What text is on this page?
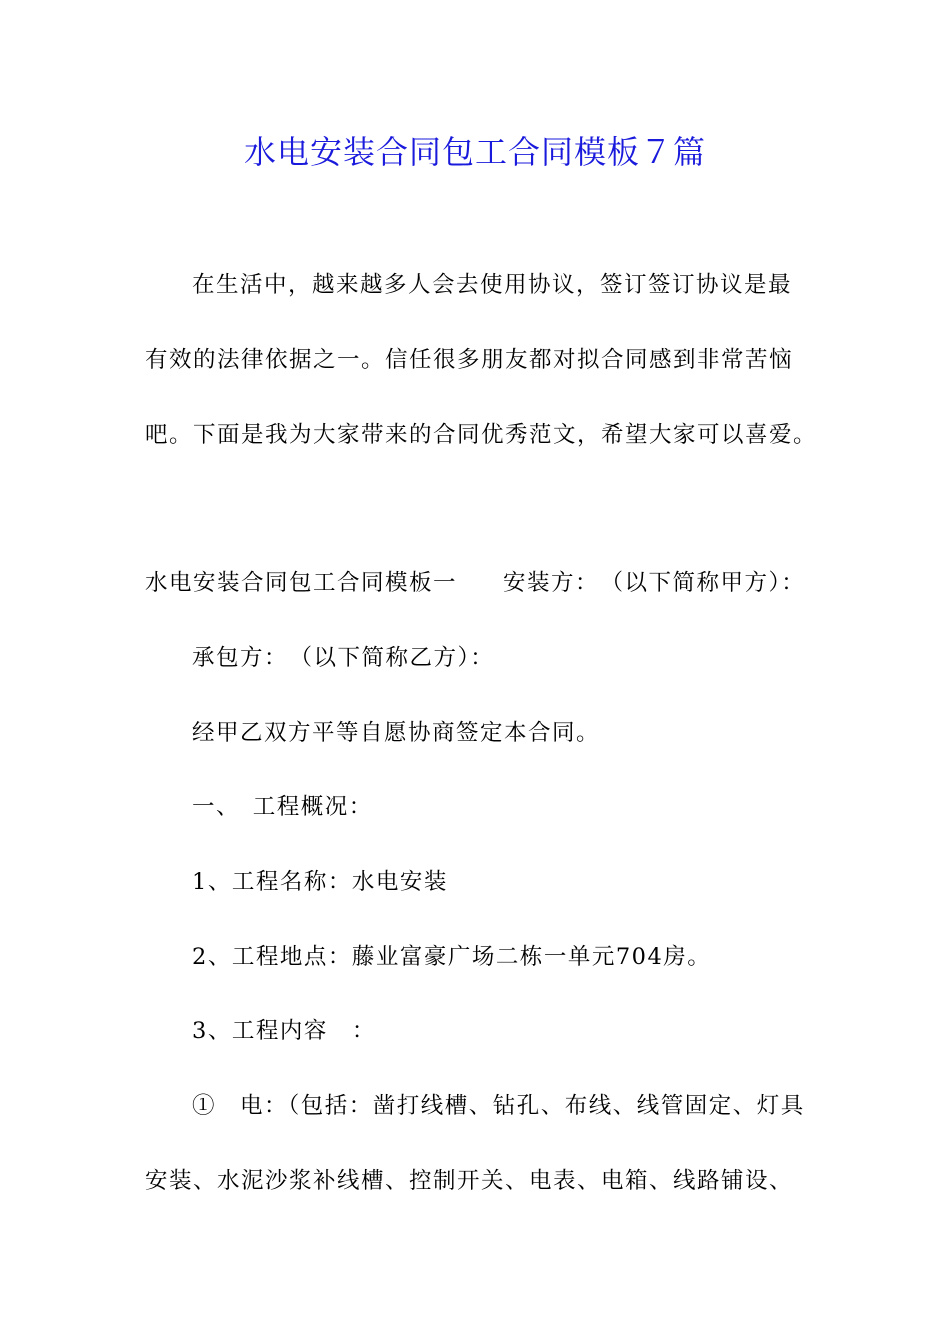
水电安装合同包工合同模板７篇

在生活中，越来越多人会去使用协议，签订签订协议是最

有效的法律依据之一。信任很多朋友都对拟合同感到非常苦恼

吧。下面是我为大家带来的合同优秀范文，希望大家可以喜爱。

水电安装合同包工合同模板一 安装方：　（以下简称甲方）：

承包方：　（以下简称乙方）：

经甲乙双方平等自愿协商签定本合同。

一、　工程概况：

1、工程名称：水电安装

2、工程地点：藤业富豪广场二栋一单元704房。

3、工程内容　：

①　电：（包括：凿打线槽、钻孔、布线、线管固定、灯具

安装、水泥沙浆补线槽、控制开关、电表、电箱、线路铺设、
